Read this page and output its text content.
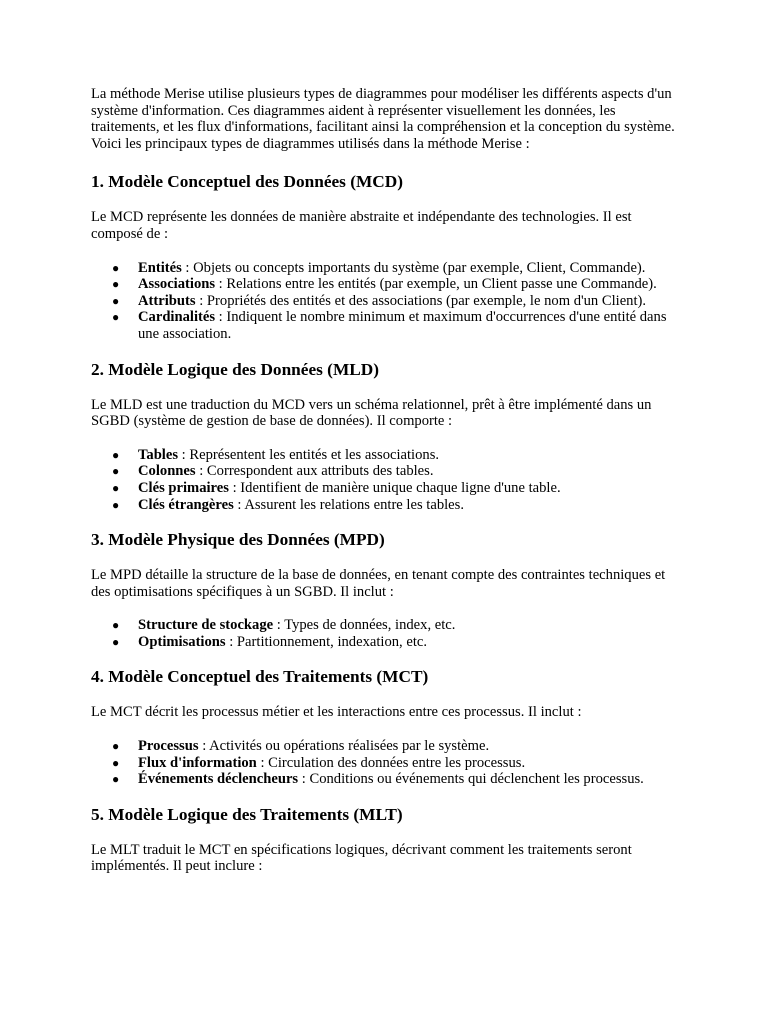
La méthode Merise utilise plusieurs types de diagrammes pour modéliser les différents aspects d'un système d'information. Ces diagrammes aident à représenter visuellement les données, les traitements, et les flux d'informations, facilitant ainsi la compréhension et la conception du système. Voici les principaux types de diagrammes utilisés dans la méthode Merise :

1. Modèle Conceptuel des Données (MCD)

Le MCD représente les données de manière abstraite et indépendante des technologies. Il est composé de :

● Entités : Objets ou concepts importants du système (par exemple, Client, Commande).
● Associations : Relations entre les entités (par exemple, un Client passe une Commande).
● Attributs : Propriétés des entités et des associations (par exemple, le nom d'un Client).
● Cardinalités : Indiquent le nombre minimum et maximum d'occurrences d'une entité dans une association.
2. Modèle Logique des Données (MLD)

Le MLD est une traduction du MCD vers un schéma relationnel, prêt à être implémenté dans un SGBD (système de gestion de base de données). Il comporte :

● Tables : Représentent les entités et les associations.
● Colonnes : Correspondent aux attributs des tables.
● Clés primaires : Identifient de manière unique chaque ligne d'une table.
● Clés étrangères : Assurent les relations entre les tables.
3. Modèle Physique des Données (MPD)

Le MPD détaille la structure de la base de données, en tenant compte des contraintes techniques et des optimisations spécifiques à un SGBD. Il inclut :

● Structure de stockage : Types de données, index, etc.
● Optimisations : Partitionnement, indexation, etc.
4. Modèle Conceptuel des Traitements (MCT)

Le MCT décrit les processus métier et les interactions entre ces processus. Il inclut :

● Processus : Activités ou opérations réalisées par le système.
● Flux d'information : Circulation des données entre les processus.
● Événements déclencheurs : Conditions ou événements qui déclenchent les processus.
5. Modèle Logique des Traitements (MLT)

Le MLT traduit le MCT en spécifications logiques, décrivant comment les traitements seront implémentés. Il peut inclure :
